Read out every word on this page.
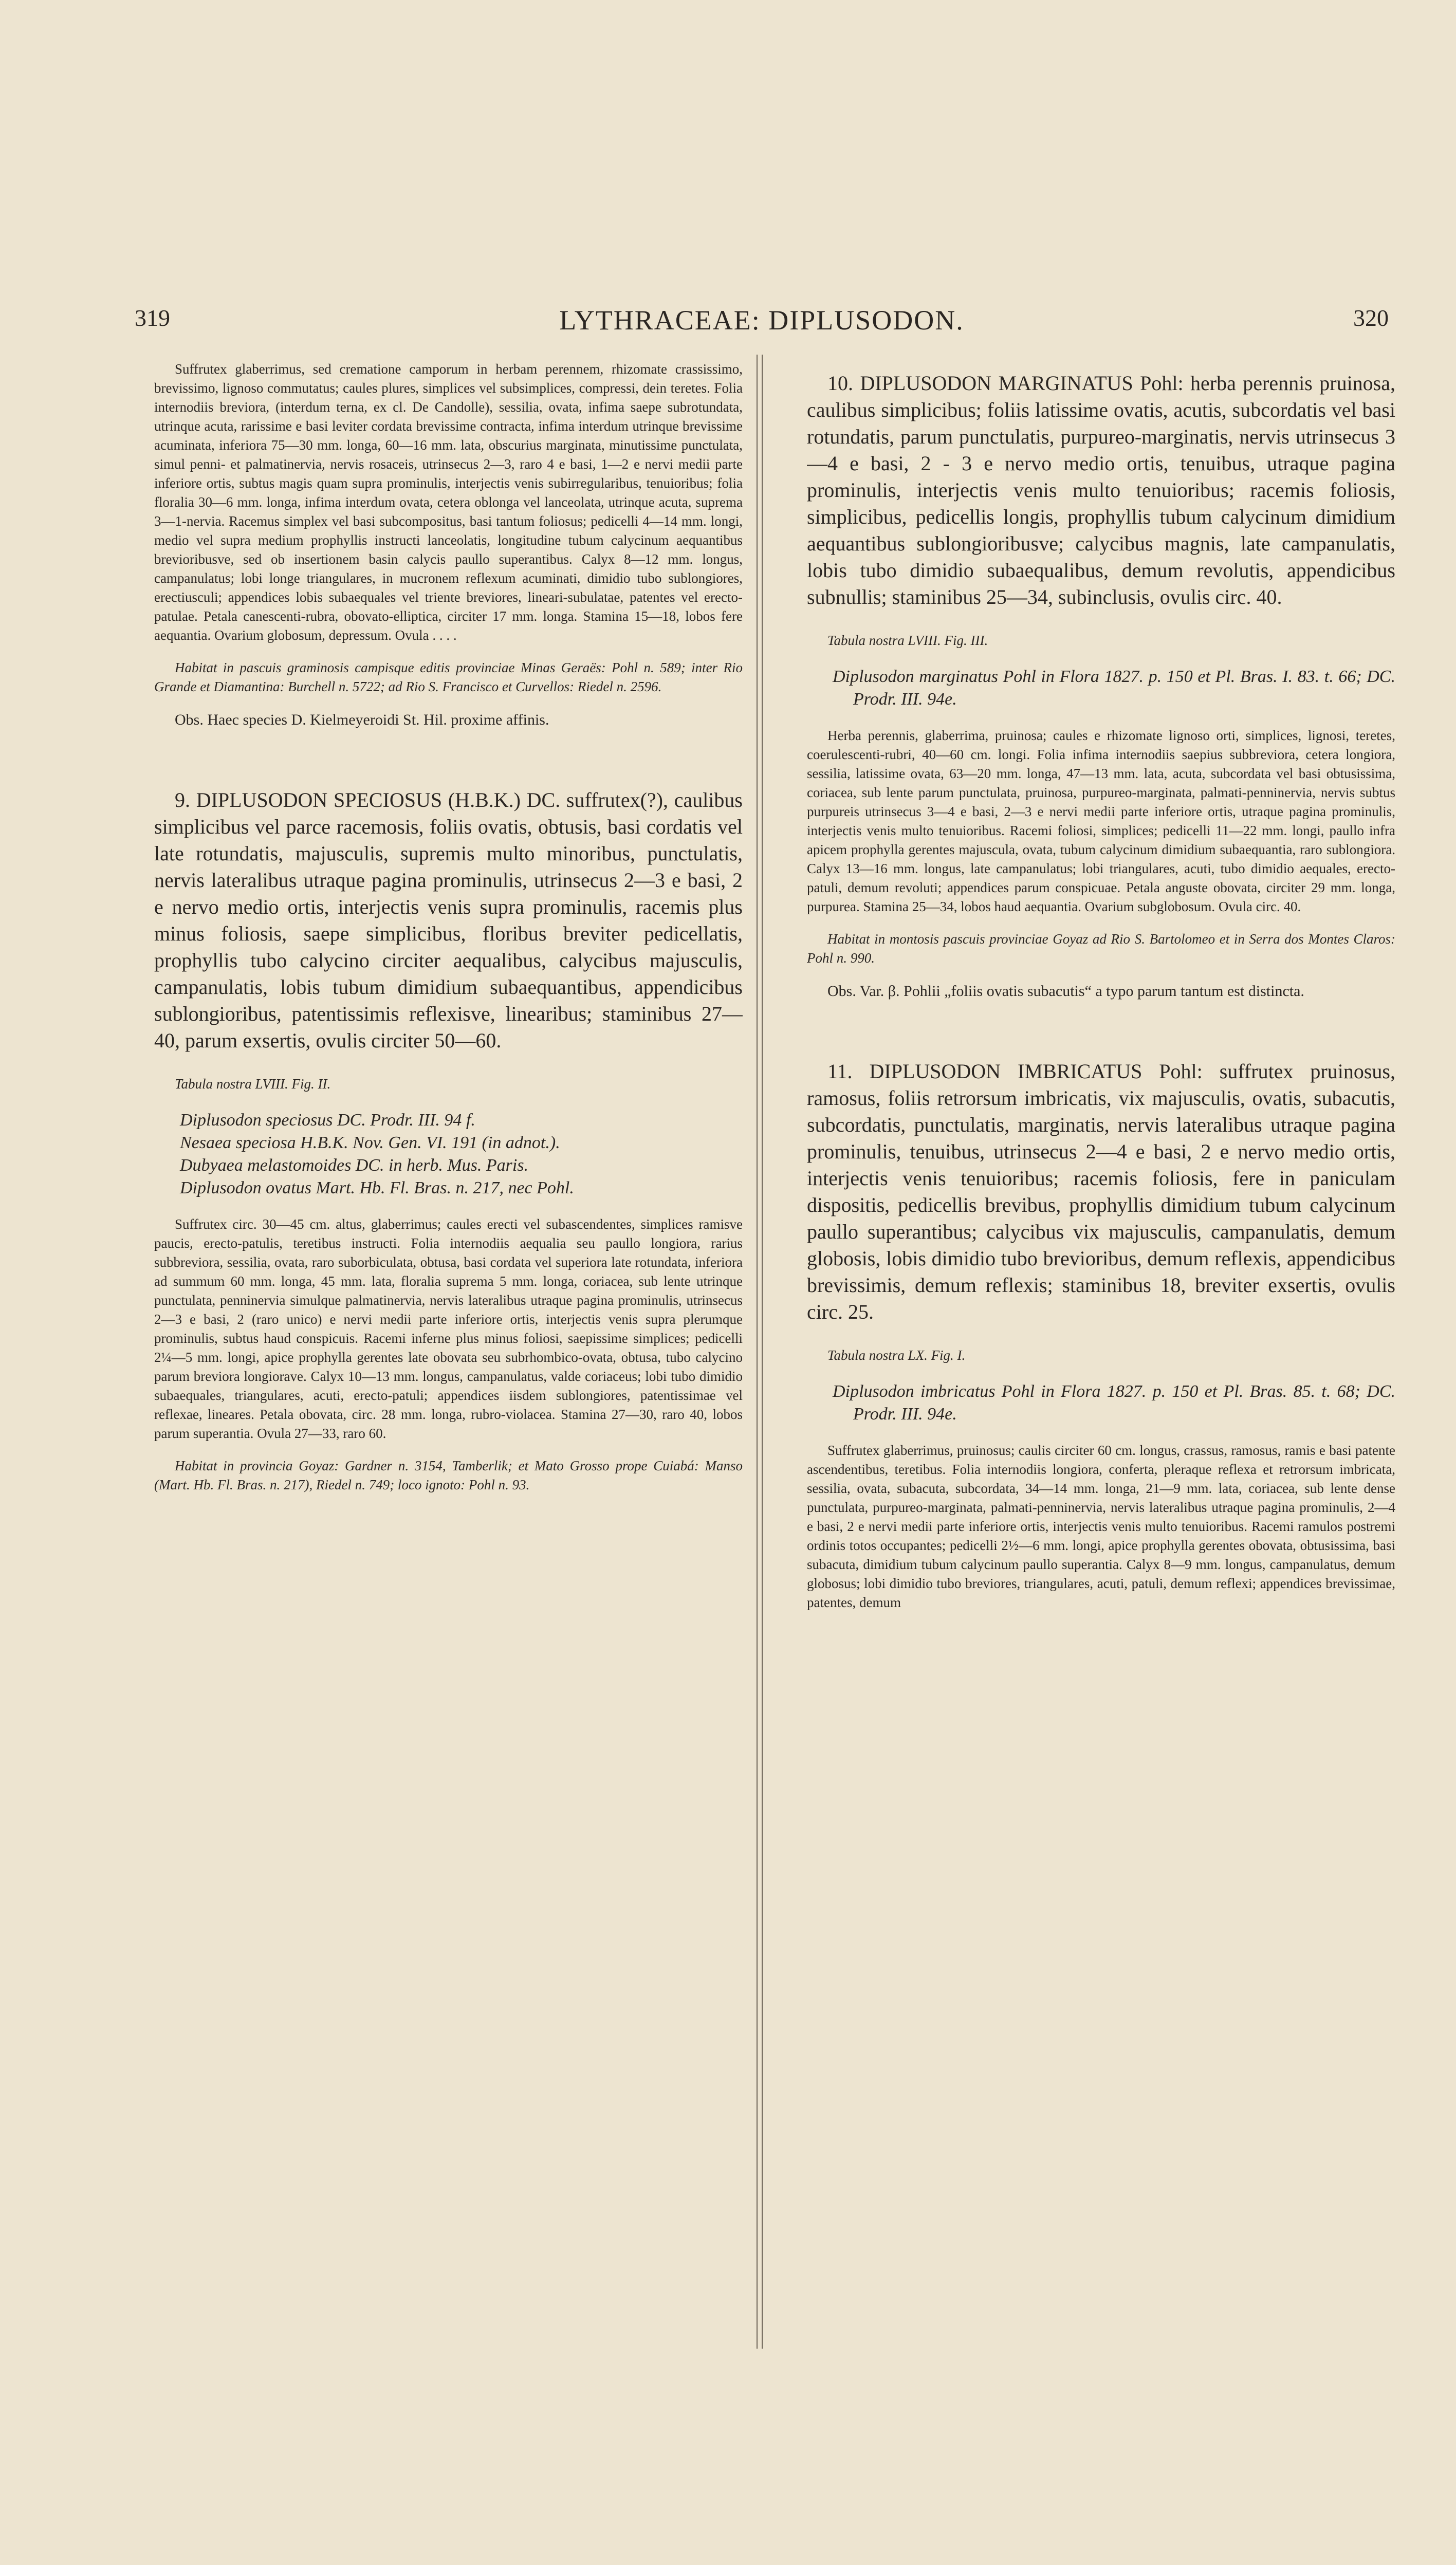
319	LYTHRACEAE: DIPLUSODON.	320

Suffrutex glaberrimus, sed crematione camporum in herbam perennem, rhizomate crassissimo, brevissimo, lignoso commutatus; caules plures, simplices vel subsimplices, compressi, dein teretes. Folia internodiis breviora, (interdum terna, ex cl. De Candolle), sessilia, ovata, infima saepe subrotundata, utrinque acuta, rarissime e basi leviter cordata brevissime contracta, infima interdum utrinque brevissime acuminata, inferiora 75—30 mm. longa, 60—16 mm. lata, obscurius marginata, minutissime punctulata, simul penni- et palmatinervia, nervis rosaceis, utrinsecus 2—3, raro 4 e basi, 1—2 e nervi medii parte inferiore ortis, subtus magis quam supra prominulis, interjectis venis subirregularibus, tenuioribus; folia floralia 30—6 mm. longa, infima interdum ovata, cetera oblonga vel lanceolata, utrinque acuta, suprema 3—1-nervia. Racemus simplex vel basi subcompositus, basi tantum foliosus; pedicelli 4—14 mm. longi, medio vel supra medium prophyllis instructi lanceolatis, longitudine tubum calycinum aequantibus brevioribusve, sed ob insertionem basin calycis paullo superantibus. Calyx 8—12 mm. longus, campanulatus; lobi longe triangulares, in mucronem reflexum acuminati, dimidio tubo sublongiores, erectiusculi; appendices lobis subaequales vel triente breviores, lineari-subulatae, patentes vel erecto-patulae. Petala canescenti-rubra, obovato-elliptica, circiter 17 mm. longa. Stamina 15—18, lobos fere aequantia. Ovarium globosum, depressum. Ovula . . . .

Habitat in pascuis graminosis campisque editis provinciae Minas Geraës: Pohl n. 589; inter Rio Grande et Diamantina: Burchell n. 5722; ad Rio S. Francisco et Curvellos: Riedel n. 2596.

Obs. Haec species D. Kielmeyeroidi St. Hil. proxime affinis.

9. DIPLUSODON SPECIOSUS (H.B.K.) DC. suffrutex(?), caulibus simplicibus vel parce racemosis, foliis ovatis, obtusis, basi cordatis vel late rotundatis, majusculis, supremis multo minoribus, punctulatis, nervis lateralibus utraque pagina prominulis, utrinsecus 2—3 e basi, 2 e nervo medio ortis, interjectis venis supra prominulis, racemis plus minus foliosis, saepe simplicibus, floribus breviter pedicellatis, prophyllis tubo calycino circiter aequalibus, calycibus majusculis, campanulatis, lobis tubum dimidium subaequantibus, appendicibus sublongioribus, patentissimis reflexisve, linearibus; staminibus 27—40, parum exsertis, ovulis circiter 50—60.

Tabula nostra LVIII. Fig. II.

Diplusodon speciosus DC. Prodr. III. 94 f.
Nesaea speciosa H.B.K. Nov. Gen. VI. 191 (in adnot.).
Dubyaea melastomoides DC. in herb. Mus. Paris.
Diplusodon ovatus Mart. Hb. Fl. Bras. n. 217, nec Pohl.

Suffrutex circ. 30—45 cm. altus, glaberrimus; caules erecti vel subascendentes, simplices ramisve paucis, erecto-patulis, teretibus instructi. Folia internodiis aequalia seu paullo longiora, rarius subbreviora, sessilia, ovata, raro suborbiculata, obtusa, basi cordata vel superiora late rotundata, inferiora ad summum 60 mm. longa, 45 mm. lata, floralia suprema 5 mm. longa, coriacea, sub lente utrinque punctulata, penninervia simulque palmatinervia, nervis lateralibus utraque pagina prominulis, utrinsecus 2—3 e basi, 2 (raro unico) e nervi medii parte inferiore ortis, interjectis venis supra plerumque prominulis, subtus haud conspicuis. Racemi inferne plus minus foliosi, saepissime simplices; pedicelli 2¼—5 mm. longi, apice prophylla gerentes late obovata seu subrhombico-ovata, obtusa, tubo calycino parum breviora longiorave. Calyx 10—13 mm. longus, campanulatus, valde coriaceus; lobi tubo dimidio subaequales, triangulares, acuti, erecto-patuli; appendices iisdem sublongiores, patentissimae vel reflexae, lineares. Petala obovata, circ. 28 mm. longa, rubro-violacea. Stamina 27—30, raro 40, lobos parum superantia. Ovula 27—33, raro 60.

Habitat in provincia Goyaz: Gardner n. 3154, Tamberlik; et Mato Grosso prope Cuiabá: Manso (Mart. Hb. Fl. Bras. n. 217), Riedel n. 749; loco ignoto: Pohl n. 93.

10. DIPLUSODON MARGINATUS Pohl: herba perennis pruinosa, caulibus simplicibus; foliis latissime ovatis, acutis, subcordatis vel basi rotundatis, parum punctulatis, purpureo-marginatis, nervis utrinsecus 3—4 e basi, 2 - 3 e nervo medio ortis, tenuibus, utraque pagina prominulis, interjectis venis multo tenuioribus; racemis foliosis, simplicibus, pedicellis longis, prophyllis tubum calycinum dimidium aequantibus sublongioribusve; calycibus magnis, late campanulatis, lobis tubo dimidio subaequalibus, demum revolutis, appendicibus subnullis; staminibus 25—34, subinclusis, ovulis circ. 40.

Tabula nostra LVIII. Fig. III.

Diplusodon marginatus Pohl in Flora 1827. p. 150 et Pl. Bras. I. 83. t. 66; DC. Prodr. III. 94e.

Herba perennis, glaberrima, pruinosa; caules e rhizomate lignoso orti, simplices, lignosi, teretes, coerulescenti-rubri, 40—60 cm. longi. Folia infima internodiis saepius subbreviora, cetera longiora, sessilia, latissime ovata, 63—20 mm. longa, 47—13 mm. lata, acuta, subcordata vel basi obtusissima, coriacea, sub lente parum punctulata, pruinosa, purpureo-marginata, palmati-penninervia, nervis subtus purpureis utrinsecus 3—4 e basi, 2—3 e nervi medii parte inferiore ortis, utraque pagina prominulis, interjectis venis multo tenuioribus. Racemi foliosi, simplices; pedicelli 11—22 mm. longi, paullo infra apicem prophylla gerentes majuscula, ovata, tubum calycinum dimidium subaequantia, raro sublongiora. Calyx 13—16 mm. longus, late campanulatus; lobi triangulares, acuti, tubo dimidio aequales, erecto-patuli, demum revoluti; appendices parum conspicuae. Petala anguste obovata, circiter 29 mm. longa, purpurea. Stamina 25—34, lobos haud aequantia. Ovarium subglobosum. Ovula circ. 40.

Habitat in montosis pascuis provinciae Goyaz ad Rio S. Bartolomeo et in Serra dos Montes Claros: Pohl n. 990.

Obs. Var. β. Pohlii „foliis ovatis subacutis“ a typo parum tantum est distincta.

11. DIPLUSODON IMBRICATUS Pohl: suffrutex pruinosus, ramosus, foliis retrorsum imbricatis, vix majusculis, ovatis, subacutis, subcordatis, punctulatis, marginatis, nervis lateralibus utraque pagina prominulis, tenuibus, utrinsecus 2—4 e basi, 2 e nervo medio ortis, interjectis venis tenuioribus; racemis foliosis, fere in paniculam dispositis, pedicellis brevibus, prophyllis dimidium tubum calycinum paullo superantibus; calycibus vix majusculis, campanulatis, demum globosis, lobis dimidio tubo brevioribus, demum reflexis, appendicibus brevissimis, demum reflexis; staminibus 18, breviter exsertis, ovulis circ. 25.

Tabula nostra LX. Fig. I.

Diplusodon imbricatus Pohl in Flora 1827. p. 150 et Pl. Bras. 85. t. 68; DC. Prodr. III. 94e.

Suffrutex glaberrimus, pruinosus; caulis circiter 60 cm. longus, crassus, ramosus, ramis e basi patente ascendentibus, teretibus. Folia internodiis longiora, conferta, pleraque reflexa et retrorsum imbricata, sessilia, ovata, subacuta, subcordata, 34—14 mm. longa, 21—9 mm. lata, coriacea, sub lente dense punctulata, purpureo-marginata, palmati-penninervia, nervis lateralibus utraque pagina prominulis, 2—4 e basi, 2 e nervi medii parte inferiore ortis, interjectis venis multo tenuioribus. Racemi ramulos postremi ordinis totos occupantes; pedicelli 2½—6 mm. longi, apice prophylla gerentes obovata, obtusissima, basi subacuta, dimidium tubum calycinum paullo superantia. Calyx 8—9 mm. longus, campanulatus, demum globosus; lobi dimidio tubo breviores, triangulares, acuti, patuli, demum reflexi; appendices brevissimae, patentes, demum
